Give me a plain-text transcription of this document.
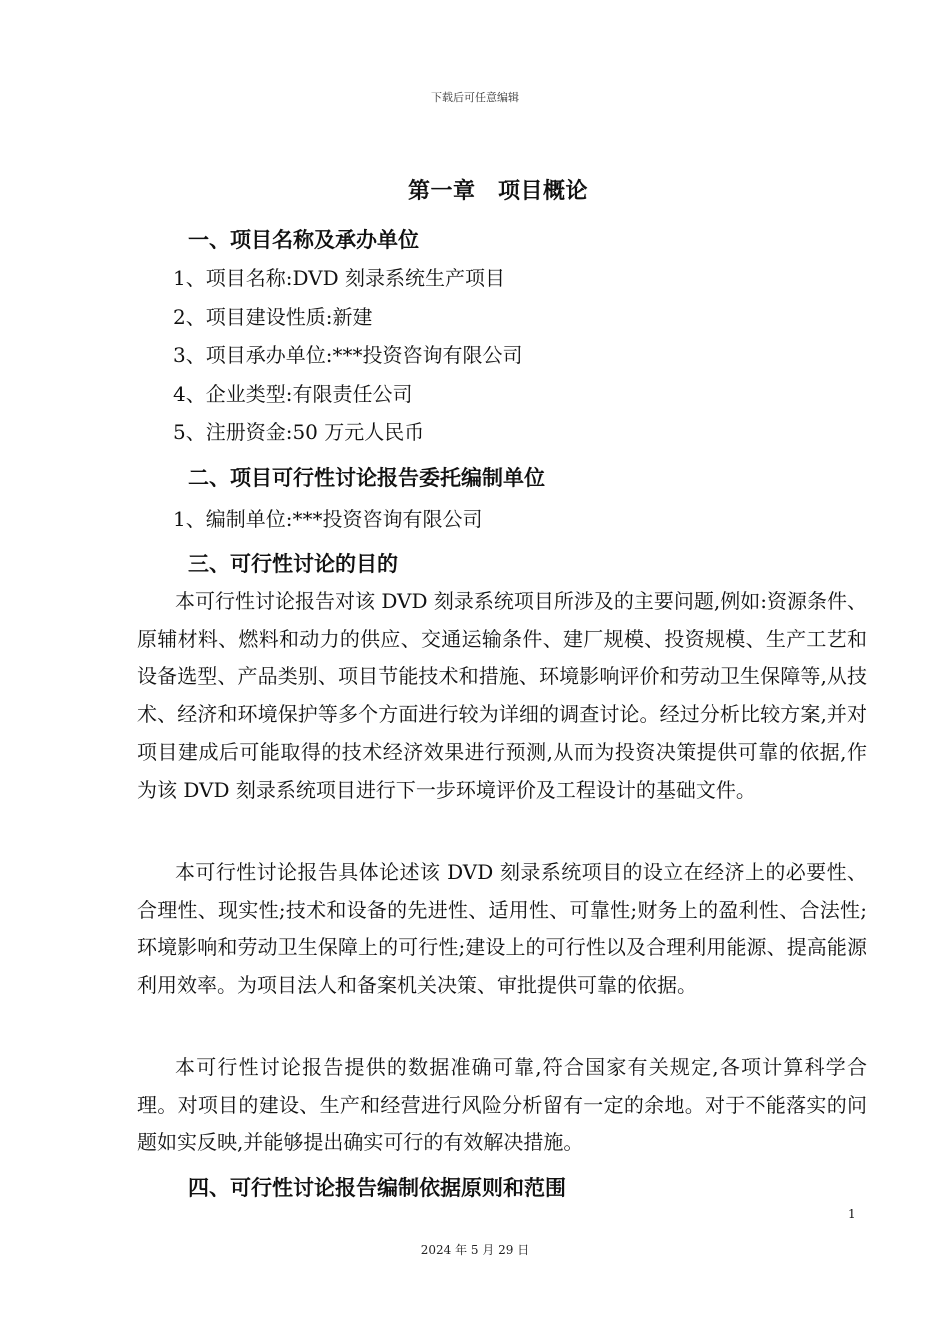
下载后可任意编辑
第一章　项目概论
一、项目名称及承办单位
1、项目名称:DVD 刻录系统生产项目
2、项目建设性质:新建
3、项目承办单位:***投资咨询有限公司
4、企业类型:有限责任公司
5、注册资金:50 万元人民币
二、项目可行性讨论报告委托编制单位
1、编制单位:***投资咨询有限公司
三、可行性讨论的目的

本可行性讨论报告对该 DVD 刻录系统项目所涉及的主要问题,例如:资源条件、原辅材料、燃料和动力的供应、交通运输条件、建厂规模、投资规模、生产工艺和设备选型、产品类别、项目节能技术和措施、环境影响评价和劳动卫生保障等,从技术、经济和环境保护等多个方面进行较为详细的调查讨论。经过分析比较方案,并对项目建成后可能取得的技术经济效果进行预测,从而为投资决策提供可靠的依据,作为该 DVD 刻录系统项目进行下一步环境评价及工程设计的基础文件。

本可行性讨论报告具体论述该 DVD 刻录系统项目的设立在经济上的必要性、合理性、现实性;技术和设备的先进性、适用性、可靠性;财务上的盈利性、合法性;环境影响和劳动卫生保障上的可行性;建设上的可行性以及合理利用能源、提高能源利用效率。为项目法人和备案机关决策、审批提供可靠的依据。

本可行性讨论报告提供的数据准确可靠,符合国家有关规定,各项计算科学合理。对项目的建设、生产和经营进行风险分析留有一定的余地。对于不能落实的问题如实反映,并能够提出确实可行的有效解决措施。

四、可行性讨论报告编制依据原则和范围
1
2024 年 5 月 29 日
